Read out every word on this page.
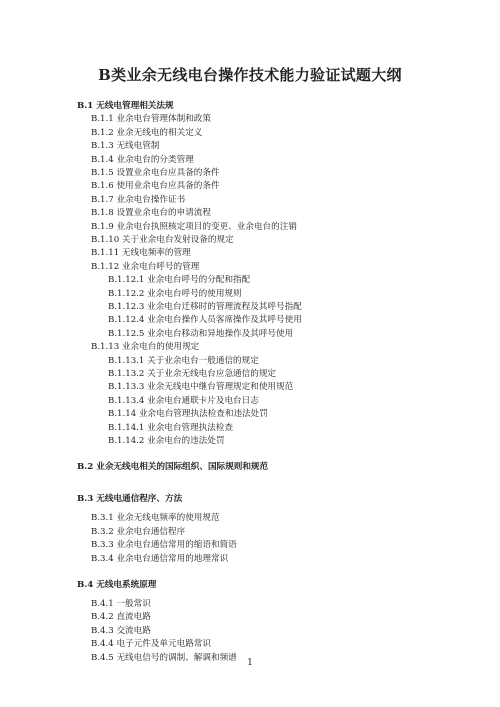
B类业余无线电台操作技术能力验证试题大纲
B.1 无线电管理相关法规
B.1.1 业余电台管理体制和政策
B.1.2 业余无线电的相关定义
B.1.3 无线电管制
B.1.4 业余电台的分类管理
B.1.5 设置业余电台应具备的条件
B.1.6 使用业余电台应具备的条件
B.1.7 业余电台操作证书
B.1.8 设置业余电台的申请流程
B.1.9 业余电台执照核定项目的变更、业余电台的注销
B.1.10 关于业余电台发射设备的规定
B.1.11 无线电频率的管理
B.1.12 业余电台呼号的管理
B.1.12.1 业余电台呼号的分配和指配
B.1.12.2 业余电台呼号的使用规则
B.1.12.3 业余电台迁移时的管理流程及其呼号指配
B.1.12.4 业余电台操作人员客席操作及其呼号使用
B.1.12.5 业余电台移动和异地操作及其呼号使用
B.1.13 业余电台的使用规定
B.1.13.1 关于业余电台一般通信的规定
B.1.13.2 关于业余无线电台应急通信的规定
B.1.13.3 业余无线电中继台管理规定和使用规范
B.1.13.4 业余电台通联卡片及电台日志
B.1.14 业余电台管理执法检查和违法处罚
B.1.14.1 业余电台管理执法检查
B.1.14.2 业余电台的违法处罚
B.2 业余无线电相关的国际组织、国际规则和规范
B.3 无线电通信程序、方法
B.3.1 业余无线电频率的使用规范
B.3.2 业余电台通信程序
B.3.3 业余电台通信常用的缩语和简语
B.3.4 业余电台通信常用的地理常识
B.4 无线电系统原理
B.4.1 一般常识
B.4.2 直流电路
B.4.3 交流电路
B.4.4 电子元件及单元电路常识
B.4.5 无线电信号的调制、解调和频谱
1
